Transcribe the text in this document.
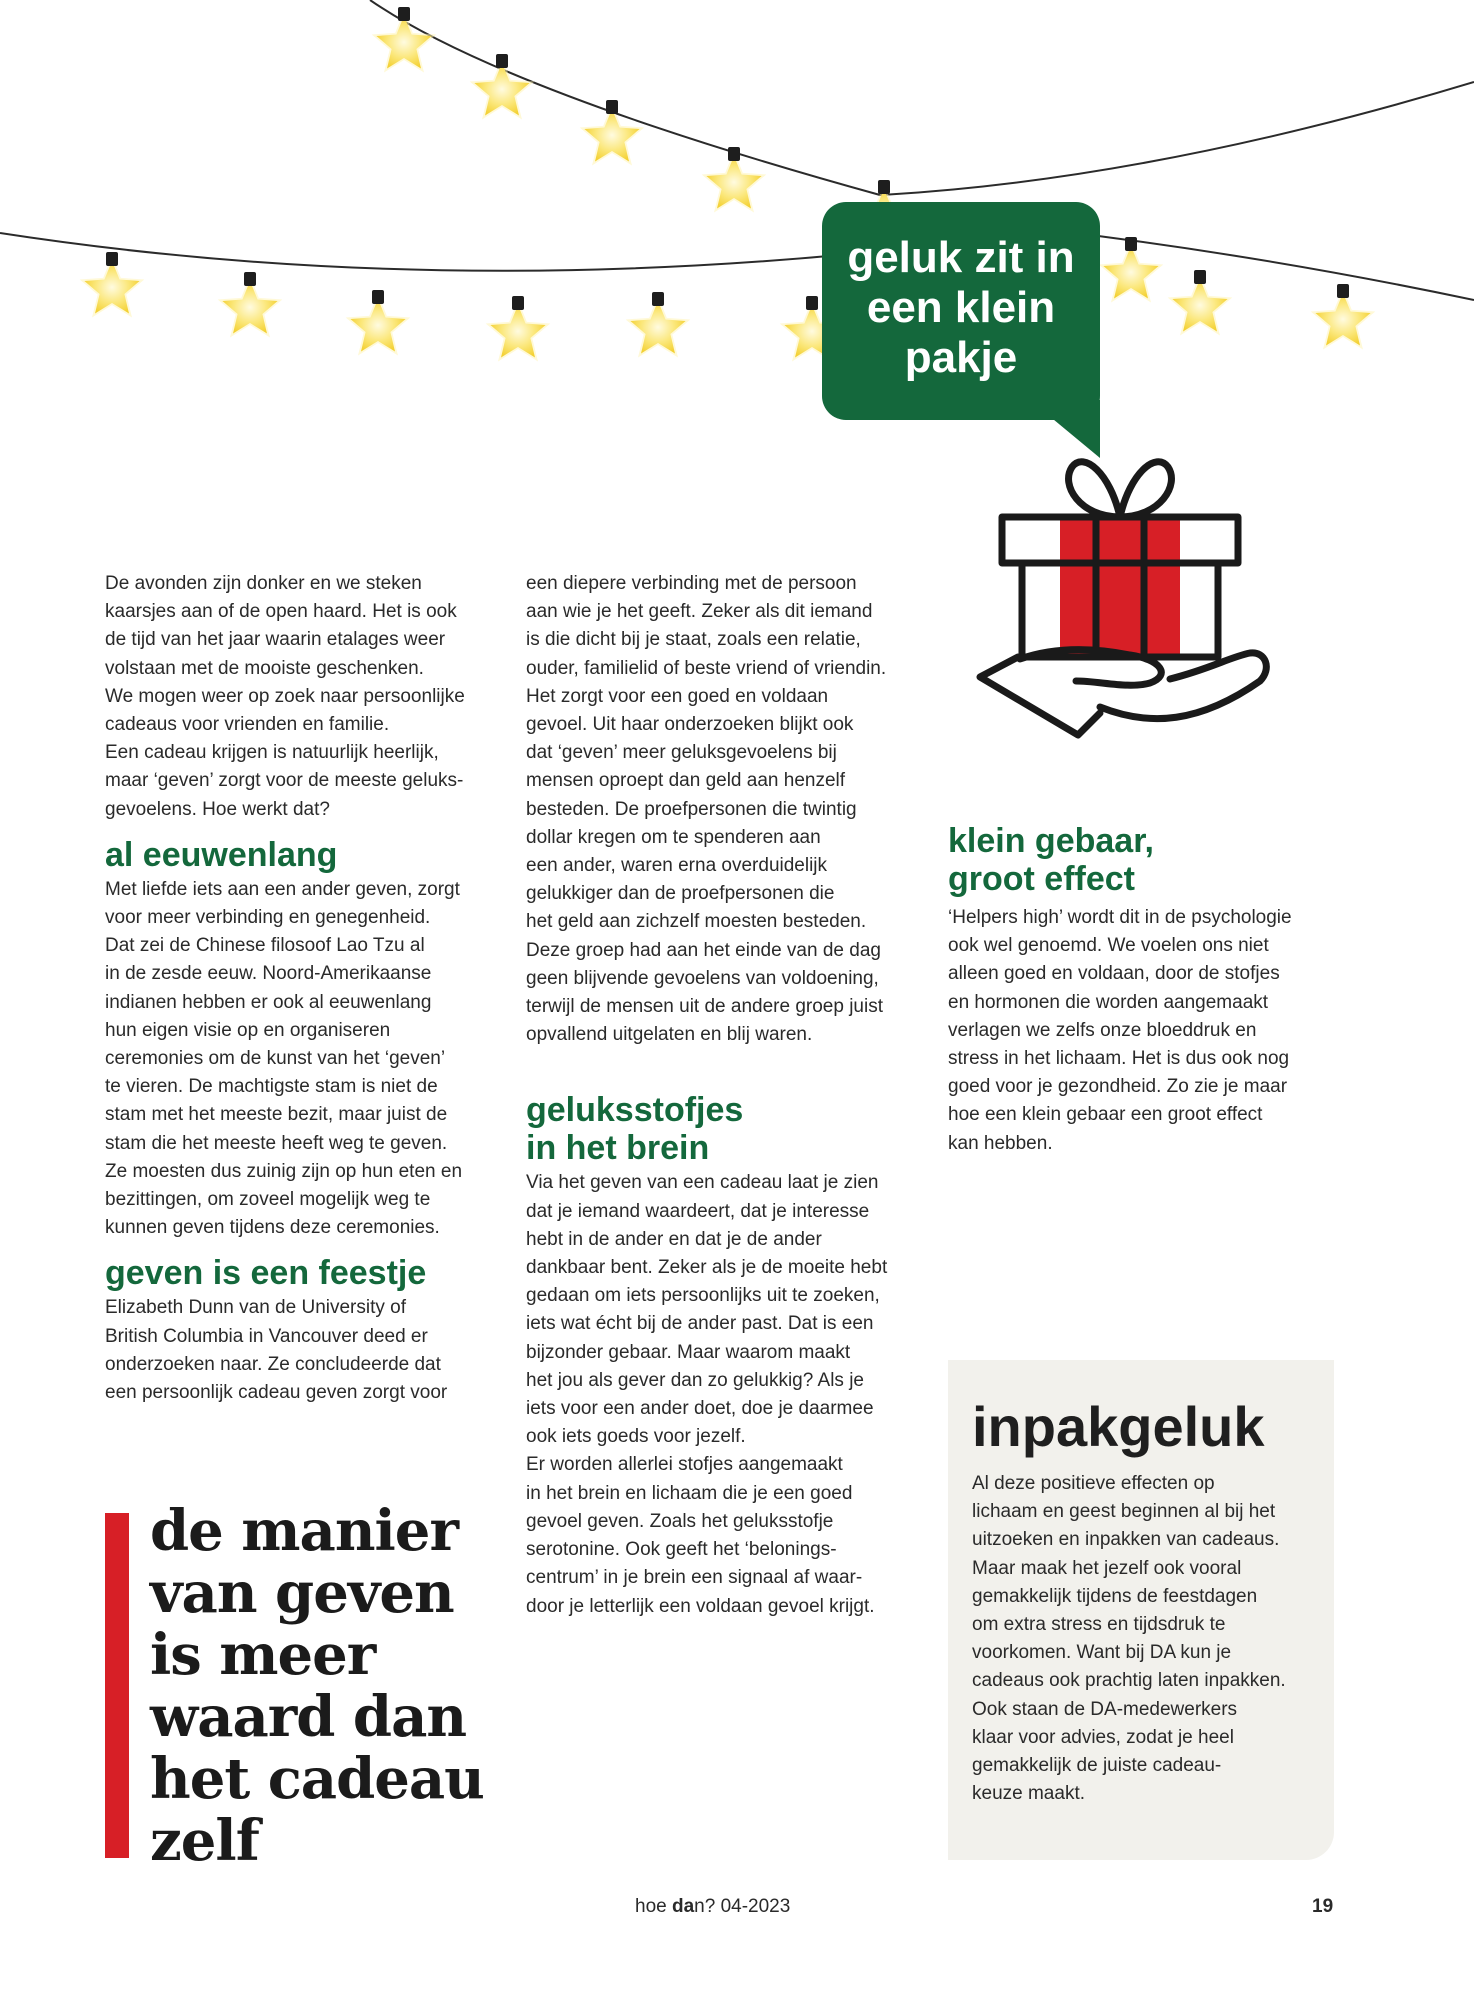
geluk zit in
een klein
pakje

De avonden zijn donker en we steken
kaarsjes aan of de open haard. Het is ook
de tijd van het jaar waarin etalages weer
volstaan met de mooiste geschenken.
We mogen weer op zoek naar persoonlijke
cadeaus voor vrienden en familie.
Een cadeau krijgen is natuurlijk heerlijk,
maar ‘geven’ zorgt voor de meeste geluks-
gevoelens. Hoe werkt dat?

al eeuwenlang

Met liefde iets aan een ander geven, zorgt
voor meer verbinding en genegenheid.
Dat zei de Chinese filosoof Lao Tzu al
in de zesde eeuw. Noord-Amerikaanse
indianen hebben er ook al eeuwenlang
hun eigen visie op en organiseren
ceremonies om de kunst van het ‘geven’
te vieren. De machtigste stam is niet de
stam met het meeste bezit, maar juist de
stam die het meeste heeft weg te geven.
Ze moesten dus zuinig zijn op hun eten en
bezittingen, om zoveel mogelijk weg te
kunnen geven tijdens deze ceremonies.

geven is een feestje

Elizabeth Dunn van de University of
British Columbia in Vancouver deed er
onderzoeken naar. Ze concludeerde dat
een persoonlijk cadeau geven zorgt voor

een diepere verbinding met de persoon
aan wie je het geeft. Zeker als dit iemand
is die dicht bij je staat, zoals een relatie,
ouder, familielid of beste vriend of vriendin.
Het zorgt voor een goed en voldaan
gevoel. Uit haar onderzoeken blijkt ook
dat ‘geven’ meer geluksgevoelens bij
mensen oproept dan geld aan henzelf
besteden. De proefpersonen die twintig
dollar kregen om te spenderen aan
een ander, waren erna overduidelijk
gelukkiger dan de proefpersonen die
het geld aan zichzelf moesten besteden.
Deze groep had aan het einde van de dag
geen blijvende gevoelens van voldoening,
terwijl de mensen uit de andere groep juist
opvallend uitgelaten en blij waren.

geluksstofjes
in het brein

Via het geven van een cadeau laat je zien
dat je iemand waardeert, dat je interesse
hebt in de ander en dat je de ander
dankbaar bent. Zeker als je de moeite hebt
gedaan om iets persoonlijks uit te zoeken,
iets wat écht bij de ander past. Dat is een
bijzonder gebaar. Maar waarom maakt
het jou als gever dan zo gelukkig? Als je
iets voor een ander doet, doe je daarmee
ook iets goeds voor jezelf.
Er worden allerlei stofjes aangemaakt
in het brein en lichaam die je een goed
gevoel geven. Zoals het geluksstofje
serotonine. Ook geeft het ‘belonings-
centrum’ in je brein een signaal af waar-
door je letterlijk een voldaan gevoel krijgt.

klein gebaar,
groot effect

‘Helpers high’ wordt dit in de psychologie
ook wel genoemd. We voelen ons niet
alleen goed en voldaan, door de stofjes
en hormonen die worden aangemaakt
verlagen we zelfs onze bloeddruk en
stress in het lichaam. Het is dus ook nog
goed voor je gezondheid. Zo zie je maar
hoe een klein gebaar een groot effect
kan hebben.

de manier
van geven
is meer
waard dan
het cadeau
zelf
inpakgeluk
Al deze positieve effecten op
lichaam en geest beginnen al bij het
uitzoeken en inpakken van cadeaus.
Maar maak het jezelf ook vooral
gemakkelijk tijdens de feestdagen
om extra stress en tijdsdruk te
voorkomen. Want bij DA kun je
cadeaus ook prachtig laten inpakken.
Ook staan de DA-medewerkers
klaar voor advies, zodat je heel
gemakkelijk de juiste cadeau-
keuze maakt.
hoe dan? 04-2023	19
